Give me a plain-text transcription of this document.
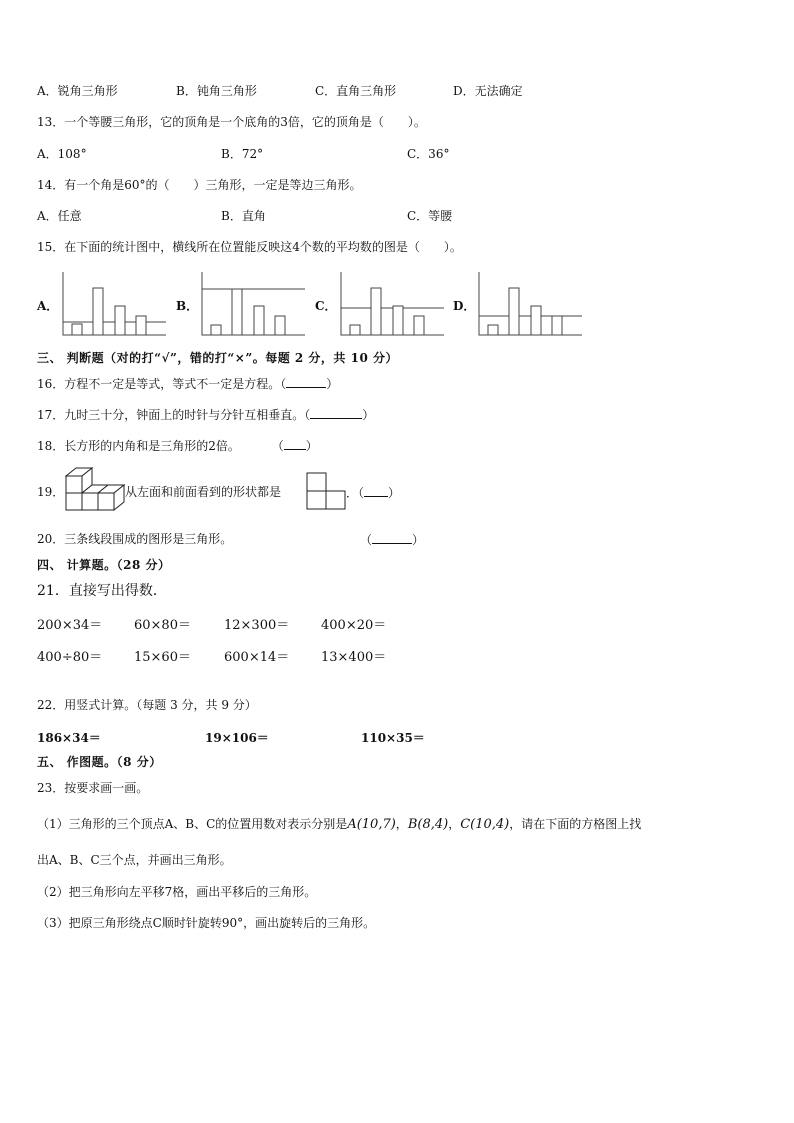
A．锐角三角形	B．钝角三角形	C．直角三角形	D．无法确定
13．一个等腰三角形，它的顶角是一个底角的3倍，它的顶角是（　　）。
A．108°	B．72°	C．36°
14．有一个角是60°的（　　）三角形，一定是等边三角形。
A．任意	B．直角	C．等腰
15．在下面的统计图中，横线所在位置能反映这4个数的平均数的图是（　　）。
A．	B．	C．	D．
三、 判断题（对的打“√”，错的打“×”。每题 2 分，共 10 分）
16．方程不一定是等式，等式不一定是方程。（	）
17．九时三十分，钟面上的时针与分针互相垂直。（	）
18．长方形的内角和是三角形的2倍。	（ ）
19．	从左面和前面看到的形状都是	．（ ）
20．三条线段围成的图形是三角形。	（	）
四、 计算题。（28 分）
21．直接写出得数．
200×34＝ 60×80＝	12×300＝ 400×20＝
400÷80＝ 15×60＝	600×14＝ 13×400＝
22．用竖式计算。（每题 3 分，共 9 分）
186×34＝	19×106＝	110×35＝
五、 作图题。（8 分）
23．按要求画一画。
（1）三角形的三个顶点A、B、C的位置用数对表示分别是A(10,7)，B(8,4)，C(10,4)，请在下面的方格图上找
出A、B、C三个点，并画出三角形。
（2）把三角形向左平移7格，画出平移后的三角形。
（3）把原三角形绕点C顺时针旋转90°，画出旋转后的三角形。
